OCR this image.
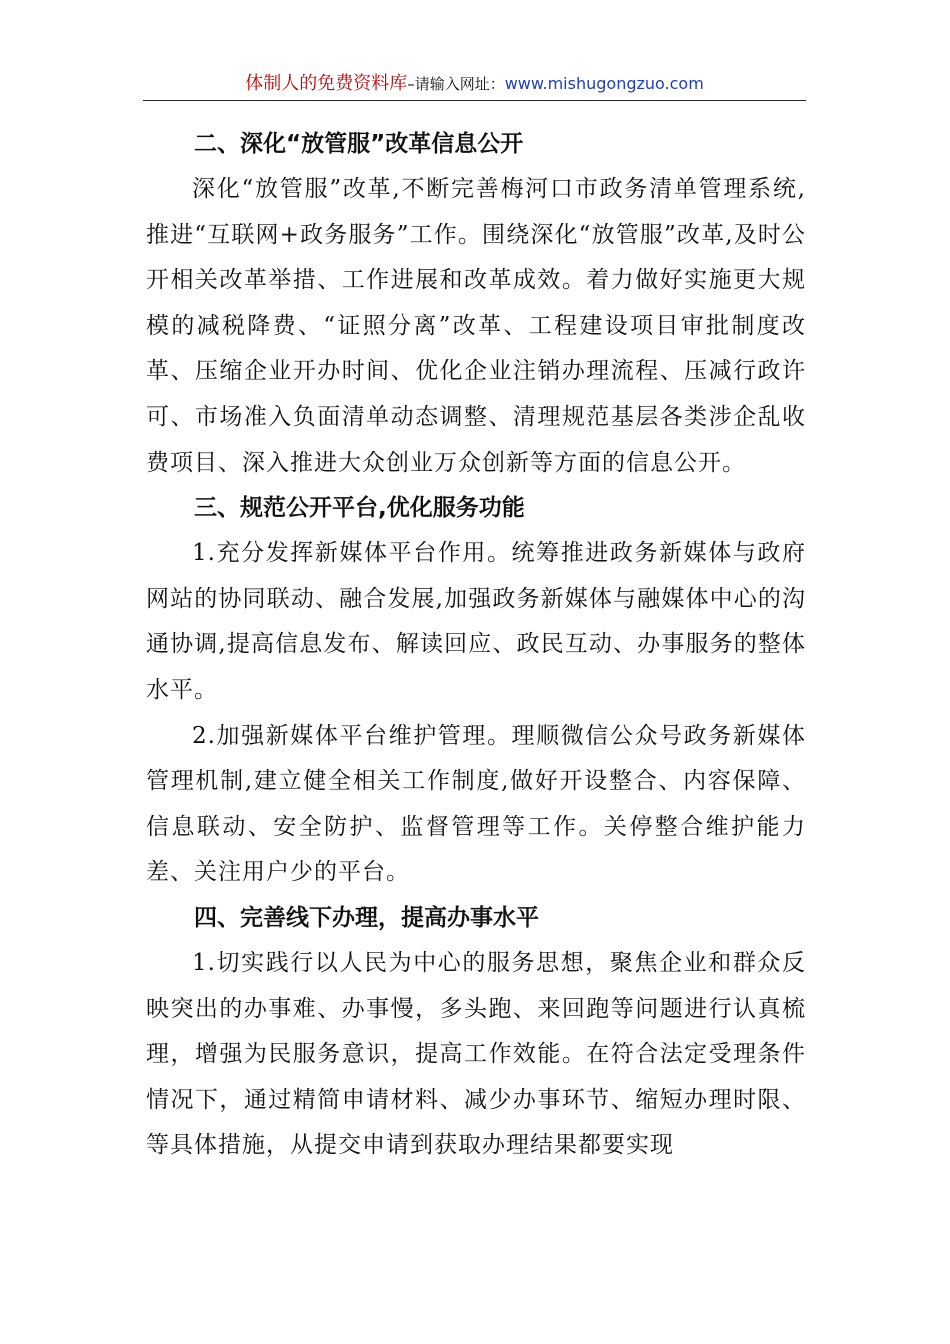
体制人的免费资料库–请输入网址：www.mishugongzuo.com
二、深化“放管服”改革信息公开
深化“放管服”改革,不断完善梅河口市政务清单管理系统,推进“互联网+政务服务”工作。围绕深化“放管服”改革,及时公开相关改革举措、工作进展和改革成效。着力做好实施更大规模的减税降费、“证照分离”改革、工程建设项目审批制度改革、压缩企业开办时间、优化企业注销办理流程、压减行政许可、市场准入负面清单动态调整、清理规范基层各类涉企乱收费项目、深入推进大众创业万众创新等方面的信息公开。
三、规范公开平台,优化服务功能
1.充分发挥新媒体平台作用。统筹推进政务新媒体与政府网站的协同联动、融合发展,加强政务新媒体与融媒体中心的沟通协调,提高信息发布、解读回应、政民互动、办事服务的整体水平。
2.加强新媒体平台维护管理。理顺微信公众号政务新媒体管理机制,建立健全相关工作制度,做好开设整合、内容保障、信息联动、安全防护、监督管理等工作。关停整合维护能力差、关注用户少的平台。
四、完善线下办理，提高办事水平
1.切实践行以人民为中心的服务思想，聚焦企业和群众反映突出的办事难、办事慢，多头跑、来回跑等问题进行认真梳理，增强为民服务意识，提高工作效能。在符合法定受理条件情况下，通过精简申请材料、减少办事环节、缩短办理时限、等具体措施，从提交申请到获取办理结果都要实现
